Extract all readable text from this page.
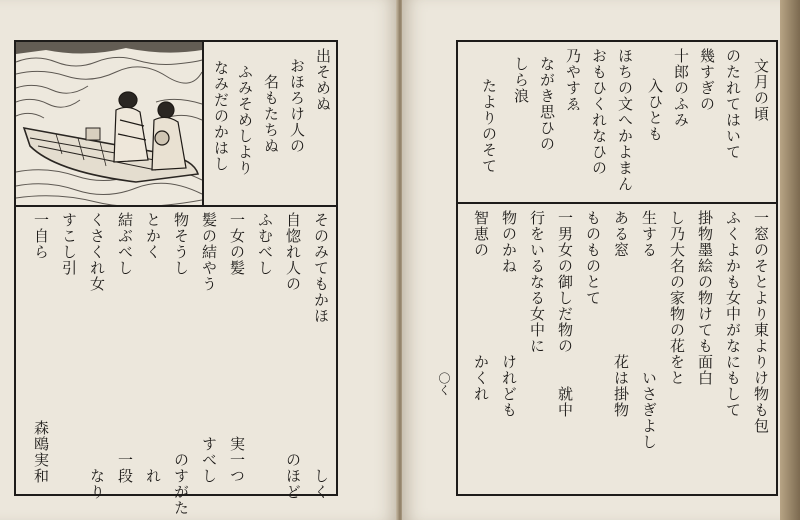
出そめぬ
おほろけ人の
名もたちぬ
ふみそめしより
なみだのかはし
そのみてもかほ　　　　　　　　　しく
自惚れ人の　　　　　　　　　　のほど
ふむべし
一女の髪　　　　　　　　　　実一つ
髪の結やう　　　　　　　　　すべし
物そうし　　　　　　　　　　　のすがた
とかく　　　　　　　　　　　　　れ
結ぶべし　　　　　　　　　　　一段
くさくれ女　　　　　　　　　　　なり
すこし引
一自ら　　　　　　　　　　森鴎実和
文月の頃
のたれてはいて
幾すぎの
十郎のふみ
入ひとも
ほちの文へかよまん
おもひくれなひの
乃やすゑ　　　　　
ながき思ひの
しら浪　　　　
たよりのそて
一窓のそとより東よりけ物も包
ふくよかも女中がなにもして
掛物墨絵の物けても面白
し乃大名の家物の花をと
生する　　　　　　　いさぎよし
ある窓　　　　　　花は掛物
ものものとて
一男女の御しだ物の　　就中
行をいるなる女中に
物のかね　　　　　けれども
智恵の　　　　　　かくれ
〇く
